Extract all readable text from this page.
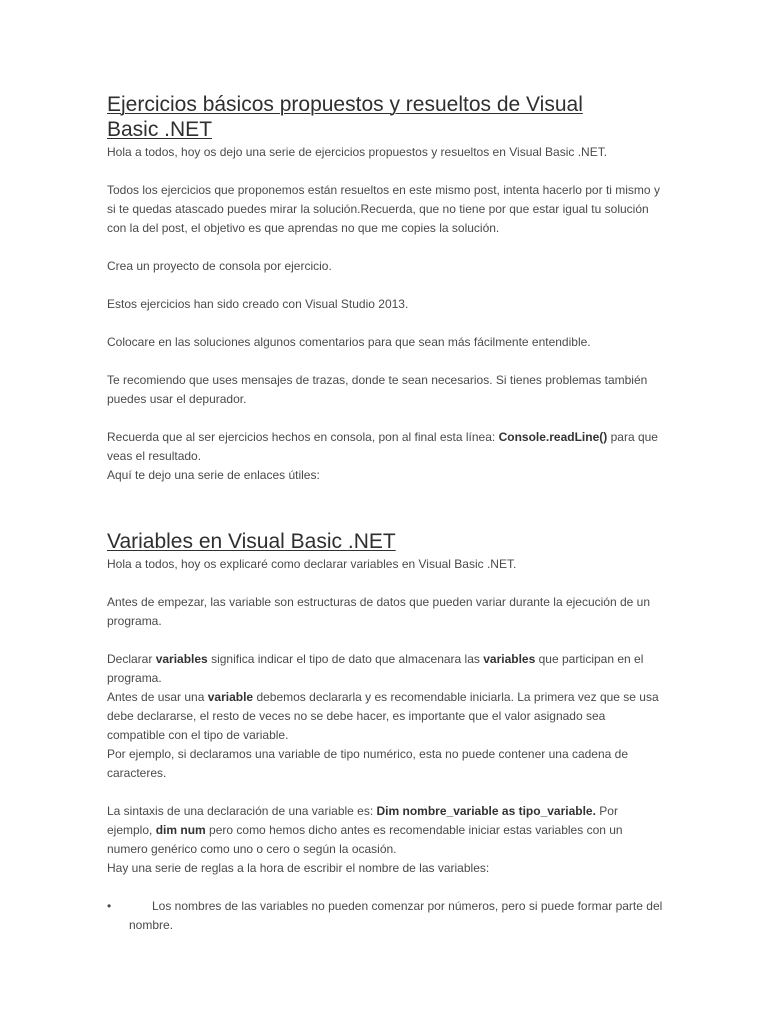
Ejercicios básicos propuestos y resueltos de Visual Basic .NET

Hola a todos, hoy os dejo una serie de ejercicios propuestos y resueltos en Visual Basic .NET.

Todos los ejercicios que proponemos están resueltos en este mismo post, intenta hacerlo por ti mismo y si te quedas atascado puedes mirar la solución.Recuerda, que no tiene por que estar igual tu solución con la del post, el objetivo es que aprendas no que me copies la solución.

Crea un proyecto de consola por ejercicio.

Estos ejercicios han sido creado con Visual Studio 2013.

Colocare en las soluciones algunos comentarios para que sean más fácilmente entendible.

Te recomiendo que uses mensajes de trazas, donde te sean necesarios. Si tienes problemas también puedes usar el depurador.

Recuerda que al ser ejercicios hechos en consola, pon al final esta línea: Console.readLine() para que veas el resultado.

Aquí te dejo una serie de enlaces útiles:

Variables en Visual Basic .NET

Hola a todos, hoy os explicaré como declarar variables en Visual Basic .NET.

Antes de empezar, las variable son estructuras de datos que pueden variar durante la ejecución de un programa.

Declarar variables significa indicar el tipo de dato que almacenara las variables que participan en el programa.

Antes de usar una variable debemos declararla y es recomendable iniciarla. La primera vez que se usa debe declararse, el resto de veces no se debe hacer, es importante que el valor asignado sea compatible con el tipo de variable.

Por ejemplo, si declaramos una variable de tipo numérico, esta no puede contener una cadena de caracteres.

La sintaxis de una declaración de una variable es: Dim nombre_variable as tipo_variable. Por ejemplo, dim num pero como hemos dicho antes es recomendable iniciar estas variables con un numero genérico como uno o cero o según la ocasión.

Hay una serie de reglas a la hora de escribir el nombre de las variables:

•	Los nombres de las variables no pueden comenzar por números, pero si puede formar parte del nombre.
